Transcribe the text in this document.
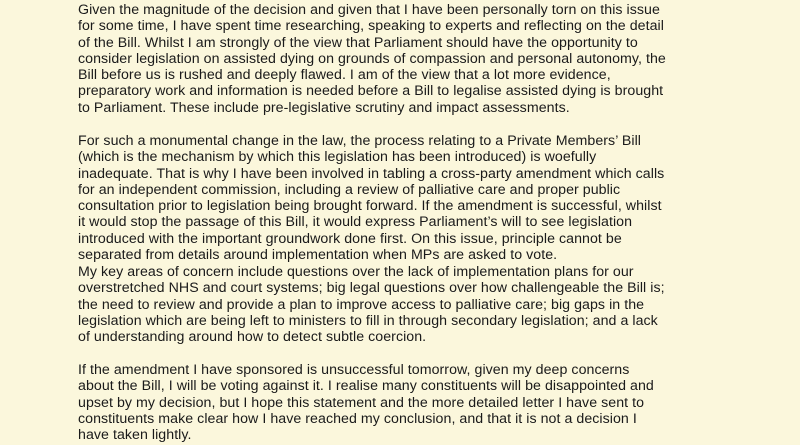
Given the magnitude of the decision and given that I have been personally torn on this issue
for some time, I have spent time researching, speaking to experts and reflecting on the detail
of the Bill. Whilst I am strongly of the view that Parliament should have the opportunity to
consider legislation on assisted dying on grounds of compassion and personal autonomy, the
Bill before us is rushed and deeply flawed. I am of the view that a lot more evidence,
preparatory work and information is needed before a Bill to legalise assisted dying is brought
to Parliament. These include pre-legislative scrutiny and impact assessments.

For such a monumental change in the law, the process relating to a Private Members’ Bill
(which is the mechanism by which this legislation has been introduced) is woefully
inadequate. That is why I have been involved in tabling a cross-party amendment which calls
for an independent commission, including a review of palliative care and proper public
consultation prior to legislation being brought forward. If the amendment is successful, whilst
it would stop the passage of this Bill, it would express Parliament’s will to see legislation
introduced with the important groundwork done first. On this issue, principle cannot be
separated from details around implementation when MPs are asked to vote.

My key areas of concern include questions over the lack of implementation plans for our
overstretched NHS and court systems; big legal questions over how challengeable the Bill is;
the need to review and provide a plan to improve access to palliative care; big gaps in the
legislation which are being left to ministers to fill in through secondary legislation; and a lack
of understanding around how to detect subtle coercion.

If the amendment I have sponsored is unsuccessful tomorrow, given my deep concerns
about the Bill, I will be voting against it. I realise many constituents will be disappointed and
upset by my decision, but I hope this statement and the more detailed letter I have sent to
constituents make clear how I have reached my conclusion, and that it is not a decision I
have taken lightly.
